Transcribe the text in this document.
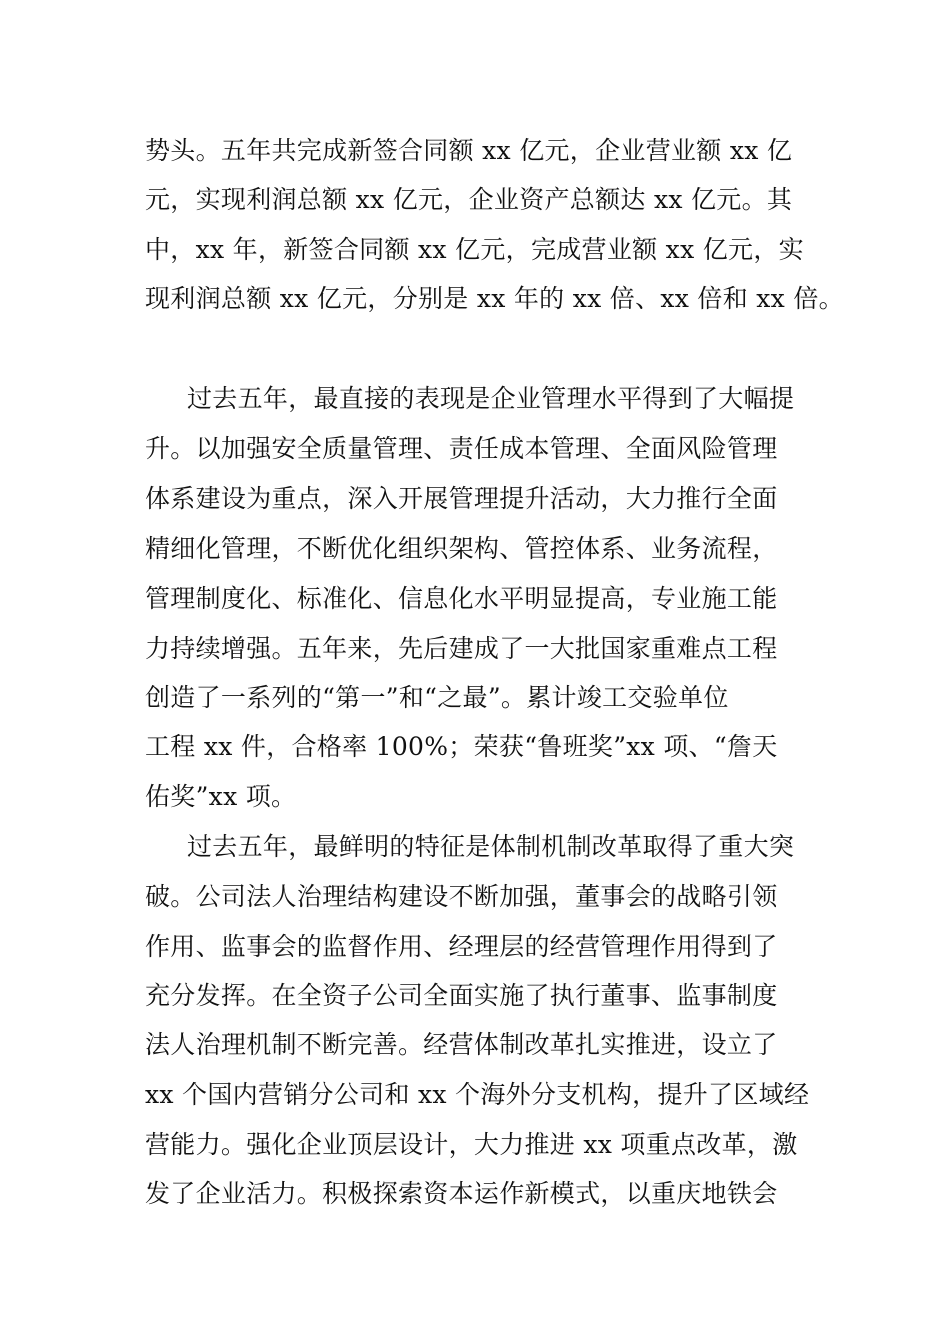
势头。五年共完成新签合同额 xx 亿元，企业营业额 xx 亿
元，实现利润总额 xx 亿元，企业资产总额达 xx 亿元。其
中，xx 年，新签合同额 xx 亿元，完成营业额 xx 亿元，实
现利润总额 xx 亿元，分别是 xx 年的 xx 倍、xx 倍和 xx 倍。
过去五年，最直接的表现是企业管理水平得到了大幅提
升。以加强安全质量管理、责任成本管理、全面风险管理
体系建设为重点，深入开展管理提升活动，大力推行全面
精细化管理，不断优化组织架构、管控体系、业务流程，
管理制度化、标准化、信息化水平明显提高，专业施工能
力持续增强。五年来，先后建成了一大批国家重难点工程
创造了一系列的“第一”和“之最”。累计竣工交验单位
工程 xx 件，合格率 100%；荣获“鲁班奖”xx 项、“詹天
佑奖”xx 项。
过去五年，最鲜明的特征是体制机制改革取得了重大突
破。公司法人治理结构建设不断加强，董事会的战略引领
作用、监事会的监督作用、经理层的经营管理作用得到了
充分发挥。在全资子公司全面实施了执行董事、监事制度
法人治理机制不断完善。经营体制改革扎实推进，设立了
xx 个国内营销分公司和 xx 个海外分支机构，提升了区域经
营能力。强化企业顶层设计，大力推进 xx 项重点改革，激
发了企业活力。积极探索资本运作新模式，以重庆地铁会
